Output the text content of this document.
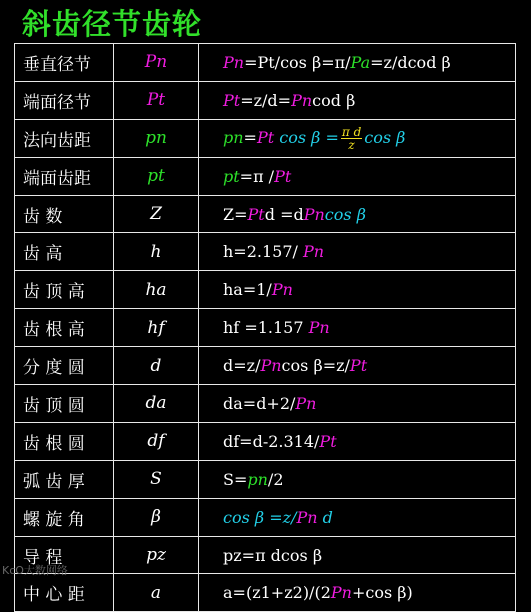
斜齿径节齿轮
垂直径节	Pn	Pn=Pt/cos β=π/Pa=z/dcod β
端面径节	Pt	Pt=z/d=Pncod β
法向齿距	pn	pn=Pt $\cos \beta = \frac{\text{π d}}{z}$ cos β
端面齿距	pt	pt=π /Pt
齿 数	Z	Z=Ptd =dPncos β
齿 高	h	h=2.157/ Pn
齿 顶 高	ha	ha=1/Pn
齿 根 高	hf	hf =1.157 Pn
分 度 圆	d	d=z/Pncos β=z/Pt
齿 顶 圆	da	da=d+2/Pn
齿 根 圆	df	df=d-2.314/Pt
弧 齿 厚	S	S=pn/2
螺 旋 角	β	cos β =z/Pn d
导 程	pz	pz=π dcos β
中 心 距	a	a=(z1+z2)/(2Pn+cos β)
KcO大数网络
